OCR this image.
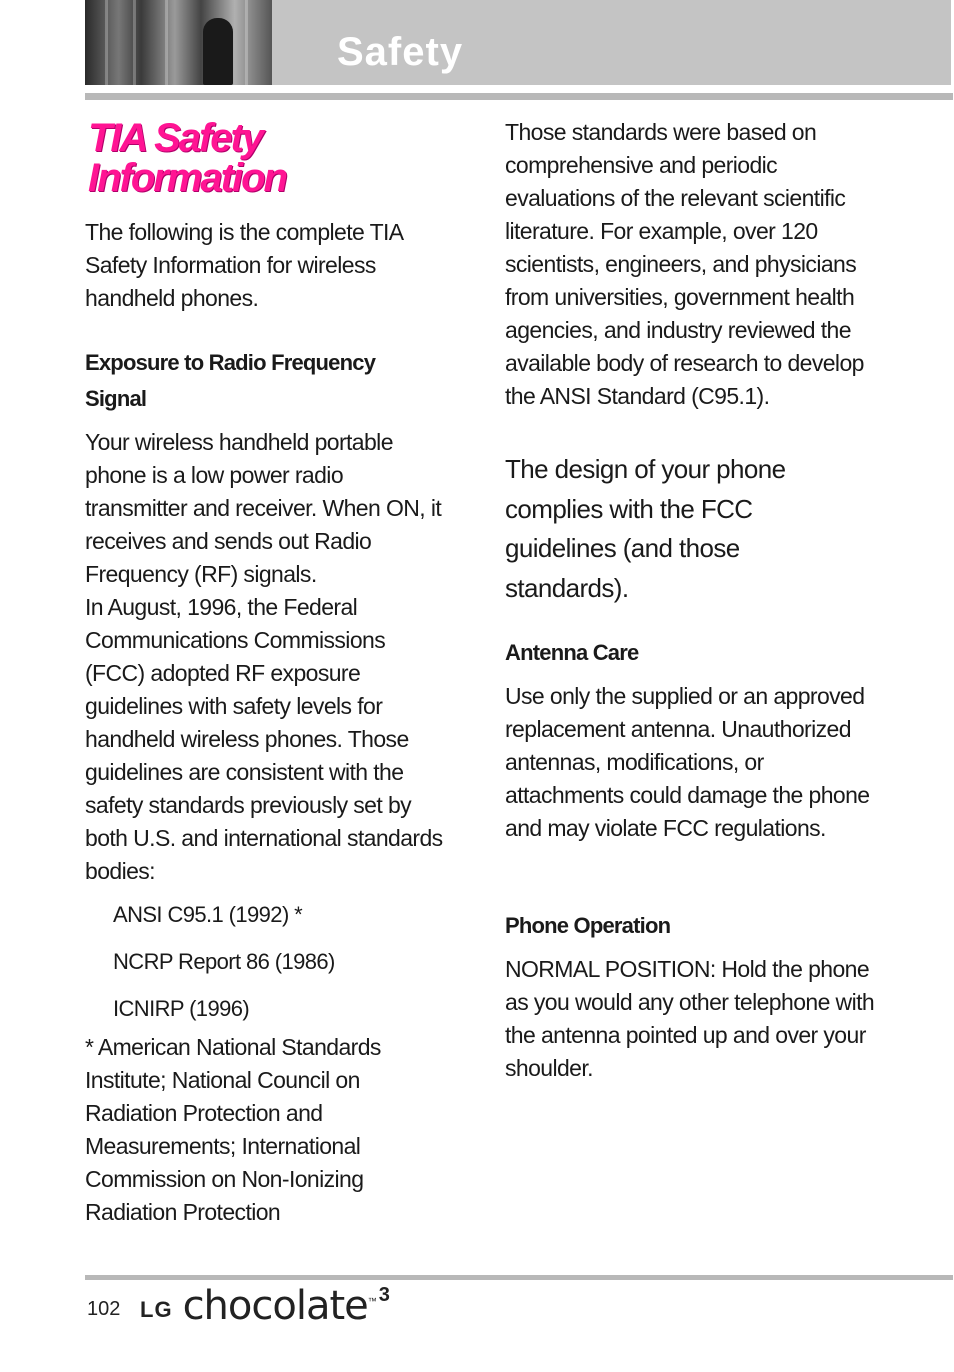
Safety
TIA Safety
Information

The following is the complete TIA Safety Information for wireless handheld phones.

Exposure to Radio Frequency
Signal

Your wireless handheld portable phone is a low power radio transmitter and receiver. When ON, it receives and sends out Radio Frequency (RF) signals.

In August, 1996, the Federal Communications Commissions (FCC) adopted RF exposure guidelines with safety levels for handheld wireless phones. Those guidelines are consistent with the safety standards previously set by both U.S. and international standards bodies:

ANSI C95.1 (1992) *

NCRP Report 86 (1986)

ICNIRP (1996)

* American National Standards Institute; National Council on Radiation Protection and Measurements; International Commission on Non-Ionizing Radiation Protection

Those standards were based on comprehensive and periodic evaluations of the relevant scientific literature. For example, over 120 scientists, engineers, and physicians from universities, government health agencies, and industry reviewed the available body of research to develop the ANSI Standard (C95.1).

The design of your phone complies with the FCC guidelines (and those standards).

Antenna Care

Use only the supplied or an approved replacement antenna. Unauthorized antennas, modifications, or attachments could damage the phone and may violate FCC regulations.

Phone Operation

NORMAL POSITION: Hold the phone as you would any other telephone with the antenna pointed up and over your shoulder.

102 LG chocolate ™ 3
